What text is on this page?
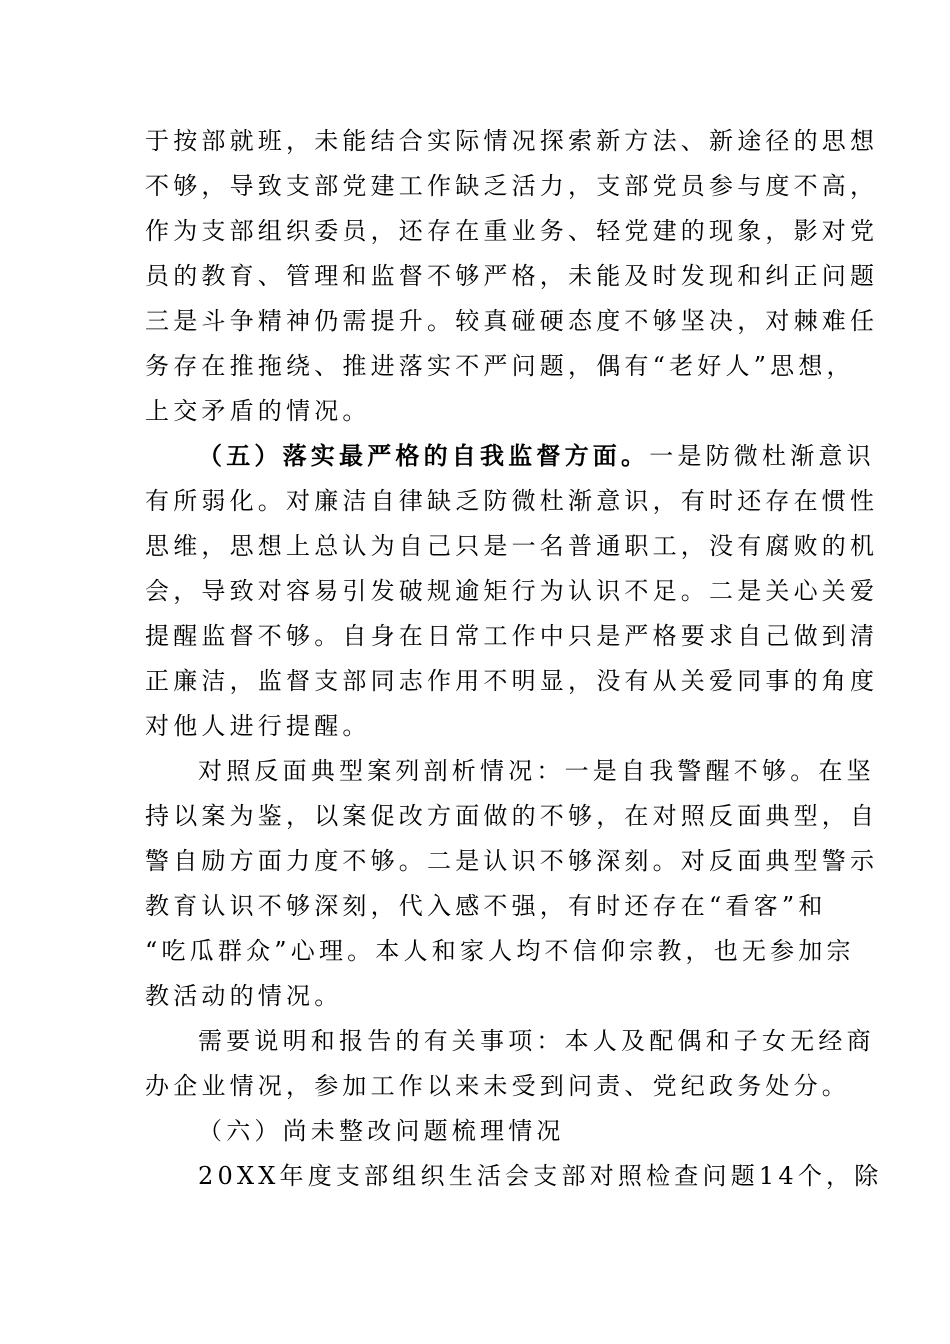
于按部就班，未能结合实际情况探索新方法、新途径的思想
不够，导致支部党建工作缺乏活力，支部党员参与度不高，
作为支部组织委员，还存在重业务、轻党建的现象，影对党
员的教育、管理和监督不够严格，未能及时发现和纠正问题
三是斗争精神仍需提升。较真碰硬态度不够坚决，对棘难任
务存在推拖绕、推进落实不严问题，偶有“老好人”思想，
上交矛盾的情况。
（五）落实最严格的自我监督方面。一是防微杜渐意识
有所弱化。对廉洁自律缺乏防微杜渐意识，有时还存在惯性
思维，思想上总认为自己只是一名普通职工，没有腐败的机
会，导致对容易引发破规逾矩行为认识不足。二是关心关爱
提醒监督不够。自身在日常工作中只是严格要求自己做到清
正廉洁，监督支部同志作用不明显，没有从关爱同事的角度
对他人进行提醒。
对照反面典型案列剖析情况：一是自我警醒不够。在坚
持以案为鉴，以案促改方面做的不够，在对照反面典型，自
警自励方面力度不够。二是认识不够深刻。对反面典型警示
教育认识不够深刻，代入感不强，有时还存在“看客”和
“吃瓜群众”心理。本人和家人均不信仰宗教，也无参加宗
教活动的情况。
需要说明和报告的有关事项：本人及配偶和子女无经商
办企业情况，参加工作以来未受到问责、党纪政务处分。
（六）尚未整改问题梳理情况
20XX年度支部组织生活会支部对照检查问题14个，除
